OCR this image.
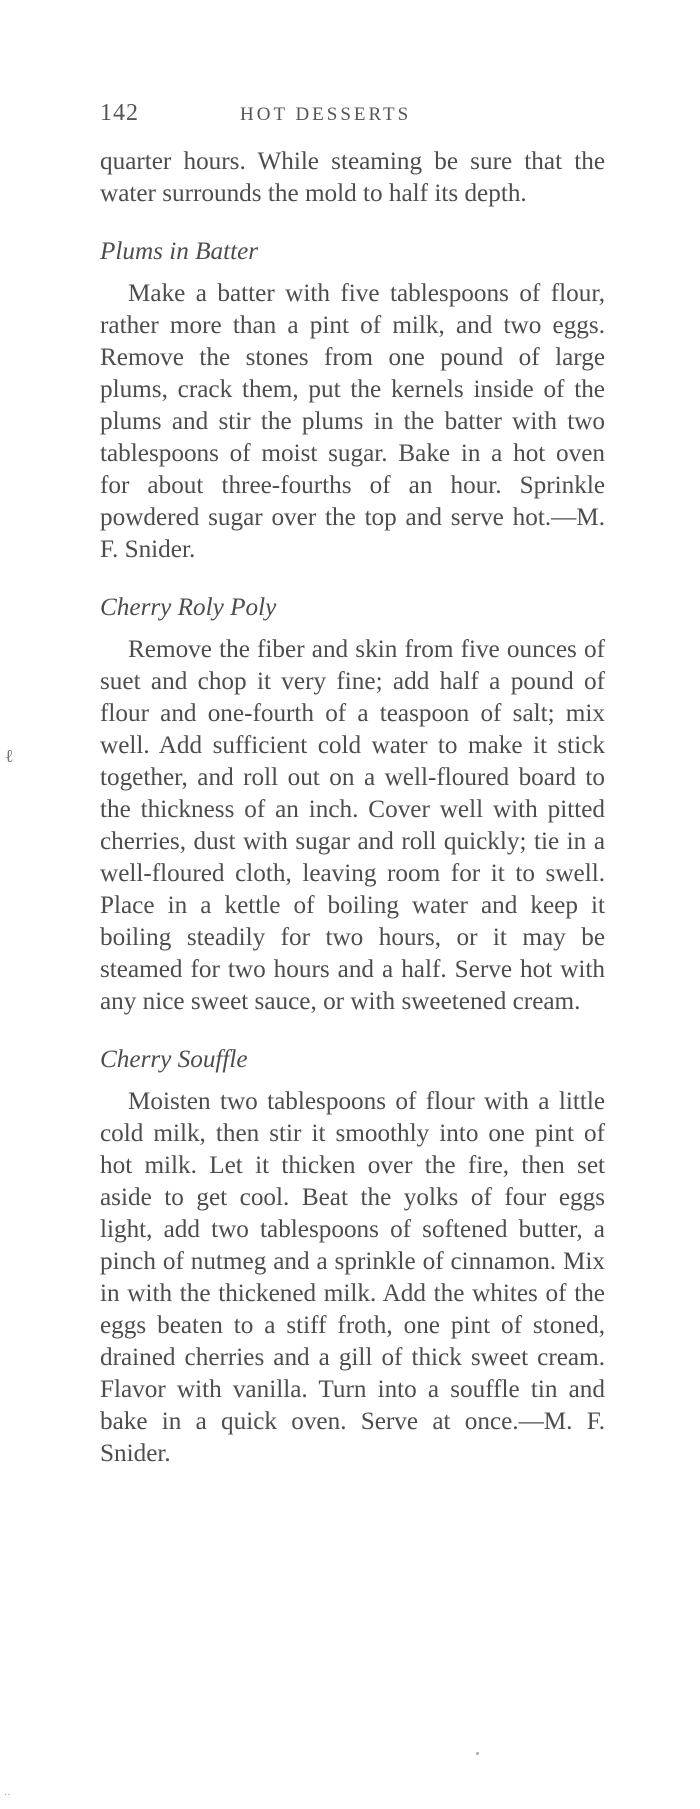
ℓ
··
142	HOT DESSERTS

quarter hours. While steaming be sure that the water surrounds the mold to half its depth.

Plums in Batter

Make a batter with five tablespoons of flour, rather more than a pint of milk, and two eggs. Remove the stones from one pound of large plums, crack them, put the kernels inside of the plums and stir the plums in the batter with two tablespoons of moist sugar. Bake in a hot oven for about three-fourths of an hour. Sprinkle powdered sugar over the top and serve hot.—M. F. Snider.

Cherry Roly Poly

Remove the fiber and skin from five ounces of suet and chop it very fine; add half a pound of flour and one-fourth of a teaspoon of salt; mix well. Add sufficient cold water to make it stick together, and roll out on a well-floured board to the thickness of an inch. Cover well with pitted cherries, dust with sugar and roll quickly; tie in a well-floured cloth, leaving room for it to swell. Place in a kettle of boiling water and keep it boiling steadily for two hours, or it may be steamed for two hours and a half. Serve hot with any nice sweet sauce, or with sweetened cream.

Cherry Souffle

Moisten two tablespoons of flour with a little cold milk, then stir it smoothly into one pint of hot milk. Let it thicken over the fire, then set aside to get cool. Beat the yolks of four eggs light, add two tablespoons of softened butter, a pinch of nutmeg and a sprinkle of cinnamon. Mix in with the thickened milk. Add the whites of the eggs beaten to a stiff froth, one pint of stoned, drained cherries and a gill of thick sweet cream. Flavor with vanilla. Turn into a souffle tin and bake in a quick oven. Serve at once.—M. F. Snider.
